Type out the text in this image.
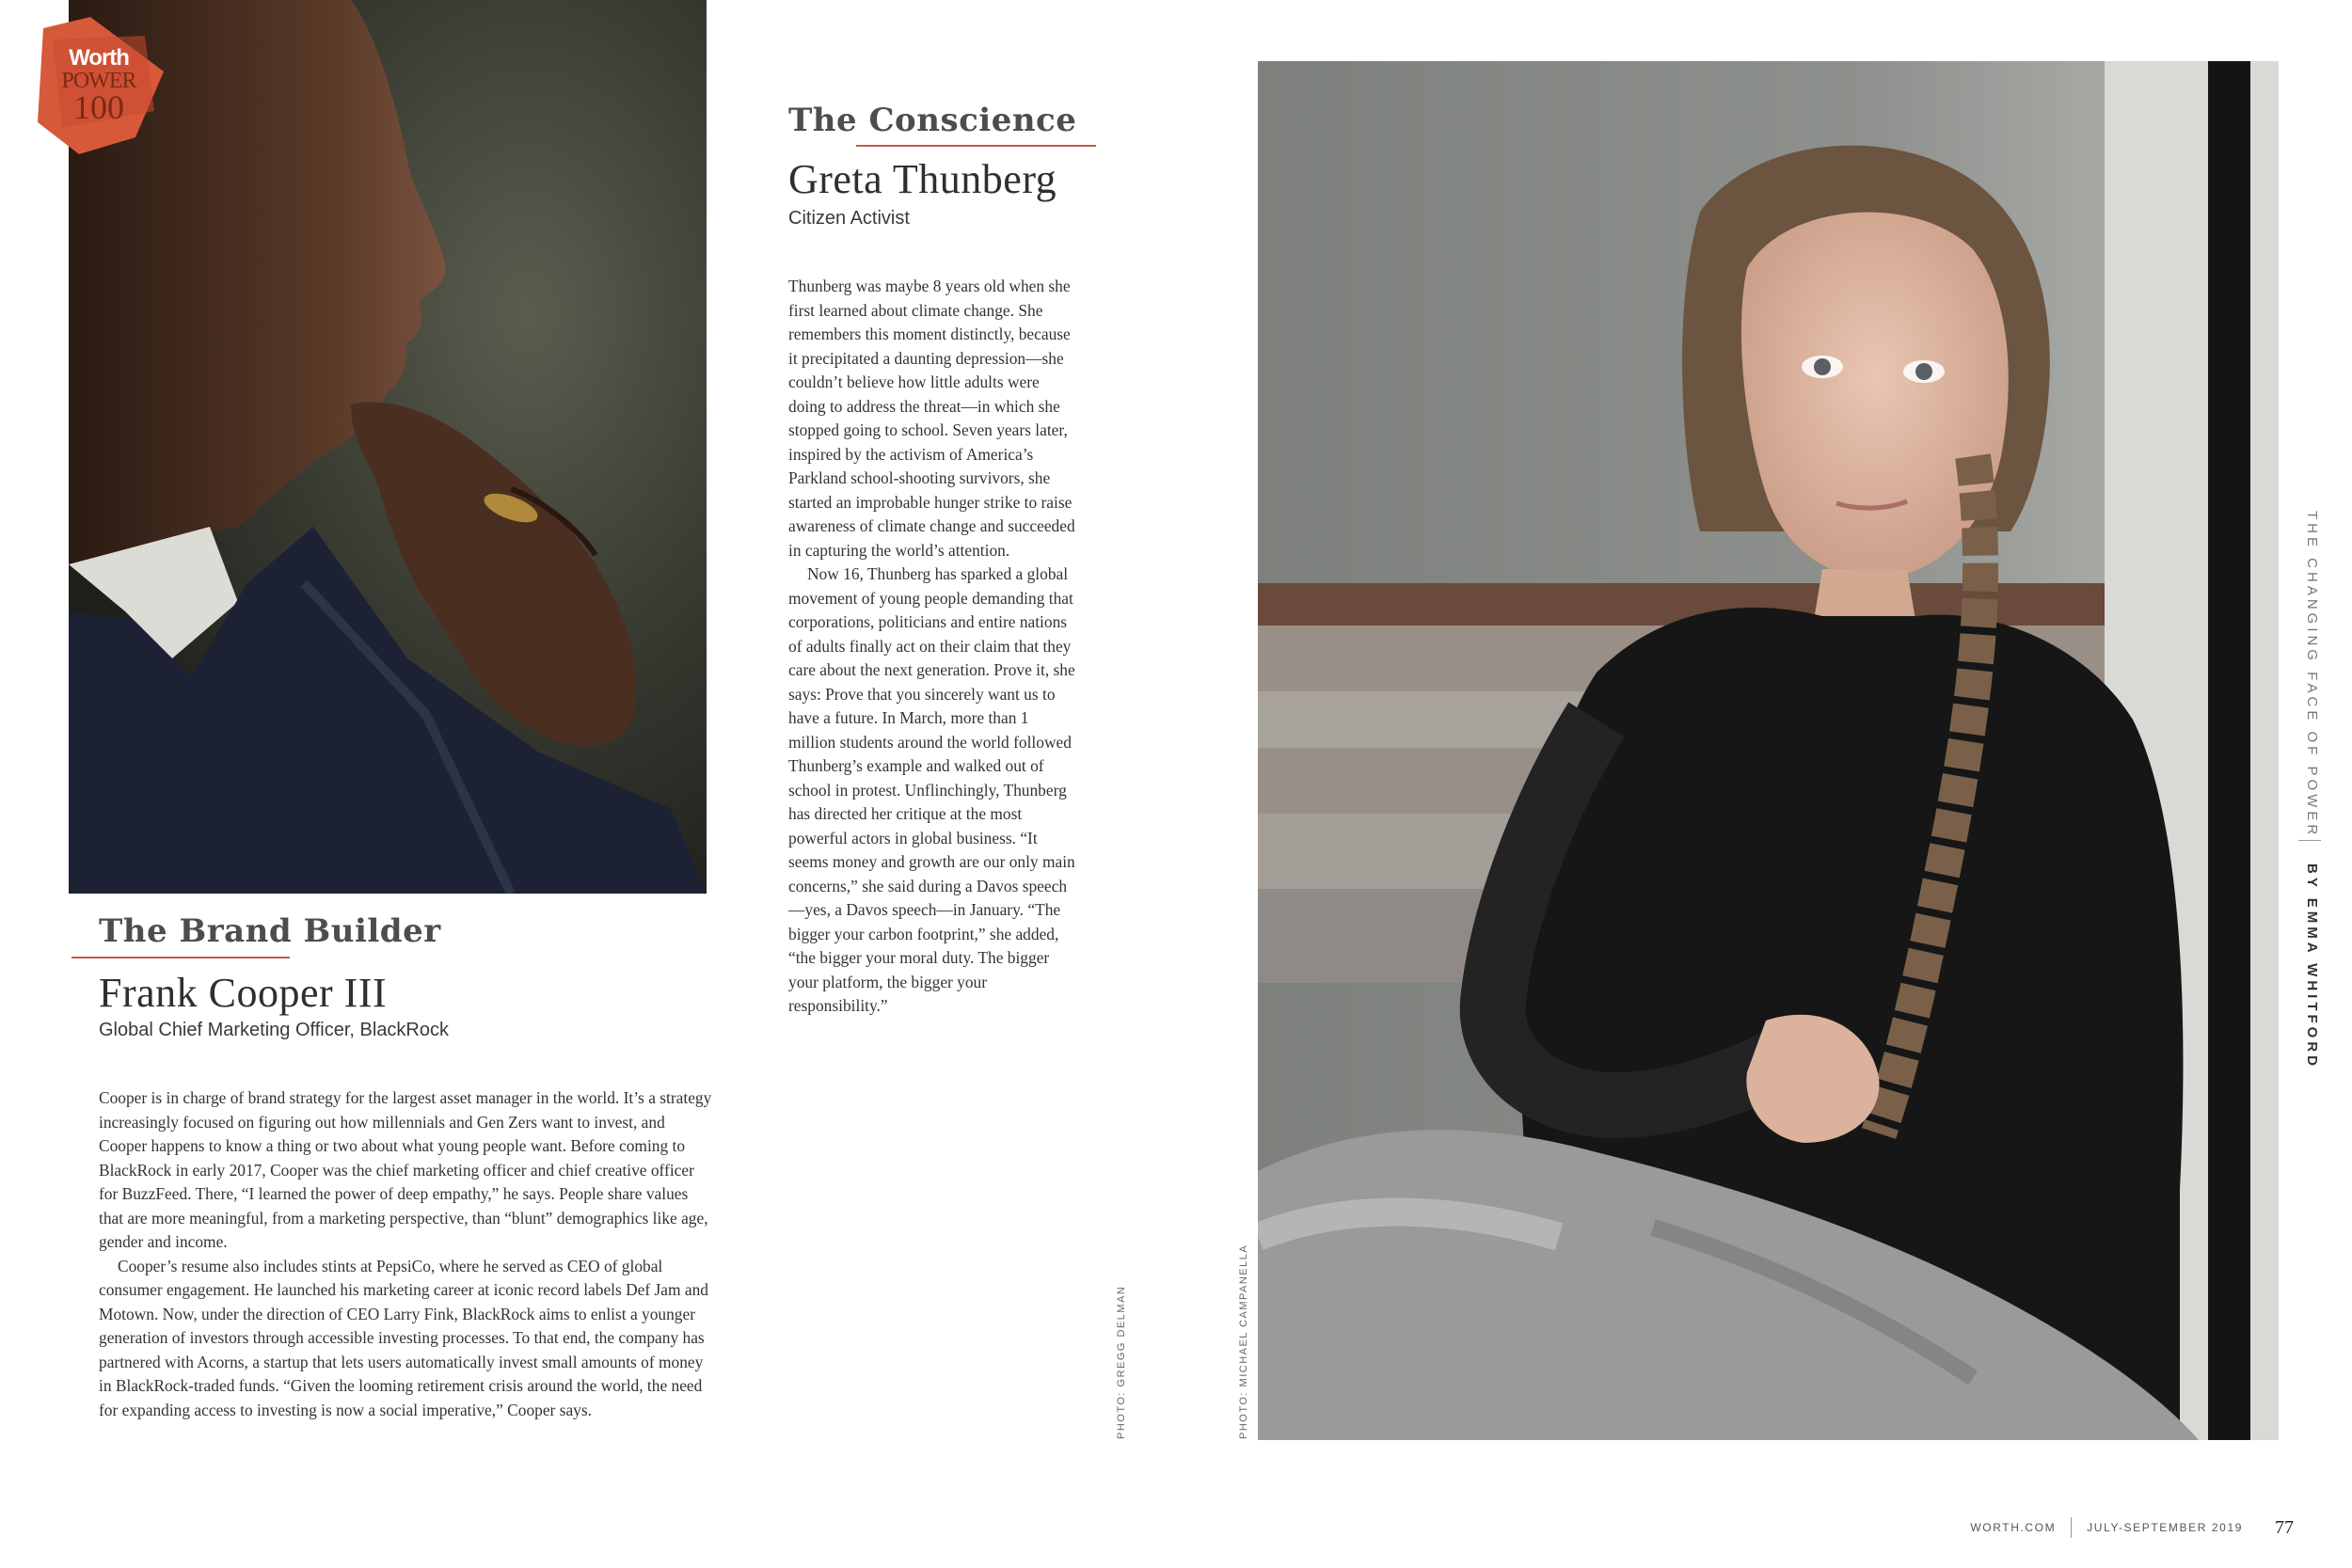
Worth
POWER
100
The Brand Builder
Frank Cooper III
Global Chief Marketing Officer, BlackRock

Cooper is in charge of brand strategy for the largest asset manager in the world. It’s a strategy increasingly focused on figuring out how millennials and Gen Zers want to invest, and Cooper happens to know a thing or two about what young people want. Before coming to BlackRock in early 2017, Cooper was the chief marketing officer and chief creative officer for BuzzFeed. There, “I learned the power of deep empathy,” he says. People share values that are more meaningful, from a marketing perspective, than “blunt” demographics like age, gender and income.

Cooper’s resume also includes stints at PepsiCo, where he served as CEO of global consumer engagement. He launched his marketing career at iconic record labels Def Jam and Motown. Now, under the direction of CEO Larry Fink, BlackRock aims to enlist a younger generation of investors through accessible investing processes. To that end, the company has partnered with Acorns, a startup that lets users automatically invest small amounts of money in BlackRock-traded funds. “Given the looming retirement crisis around the world, the need for expanding access to investing is now a social imperative,” Cooper says.

The Conscience
Greta Thunberg
Citizen Activist

Thunberg was maybe 8 years old when she first learned about climate change. She remembers this moment distinctly, because it precipitated a daunting depression—she couldn’t believe how little adults were doing to address the threat—in which she stopped going to school. Seven years later, inspired by the activism of America’s Parkland school-shooting survivors, she started an improbable hunger strike to raise awareness of climate change and succeeded in capturing the world’s attention.

Now 16, Thunberg has sparked a global movement of young people demanding that corporations, politicians and entire nations of adults finally act on their claim that they care about the next generation. Prove it, she says: Prove that you sincerely want us to have a future. In March, more than 1 million students around the world followed Thunberg’s example and walked out of school in protest. Unflinchingly, Thunberg has directed her critique at the most powerful actors in global business. “It seems money and growth are our only main concerns,” she said during a Davos speech—yes, a Davos speech—in January. “The bigger your carbon footprint,” she added, “the bigger your moral duty. The bigger your platform, the bigger your responsibility.”

PHOTO: GREGG DELMAN	PHOTO: MICHAEL CAMPANELLA
THE CHANGING FACE OF POWER
BY EMMA WHITFORD
WORTH.COM	JULY-SEPTEMBER 2019 77
